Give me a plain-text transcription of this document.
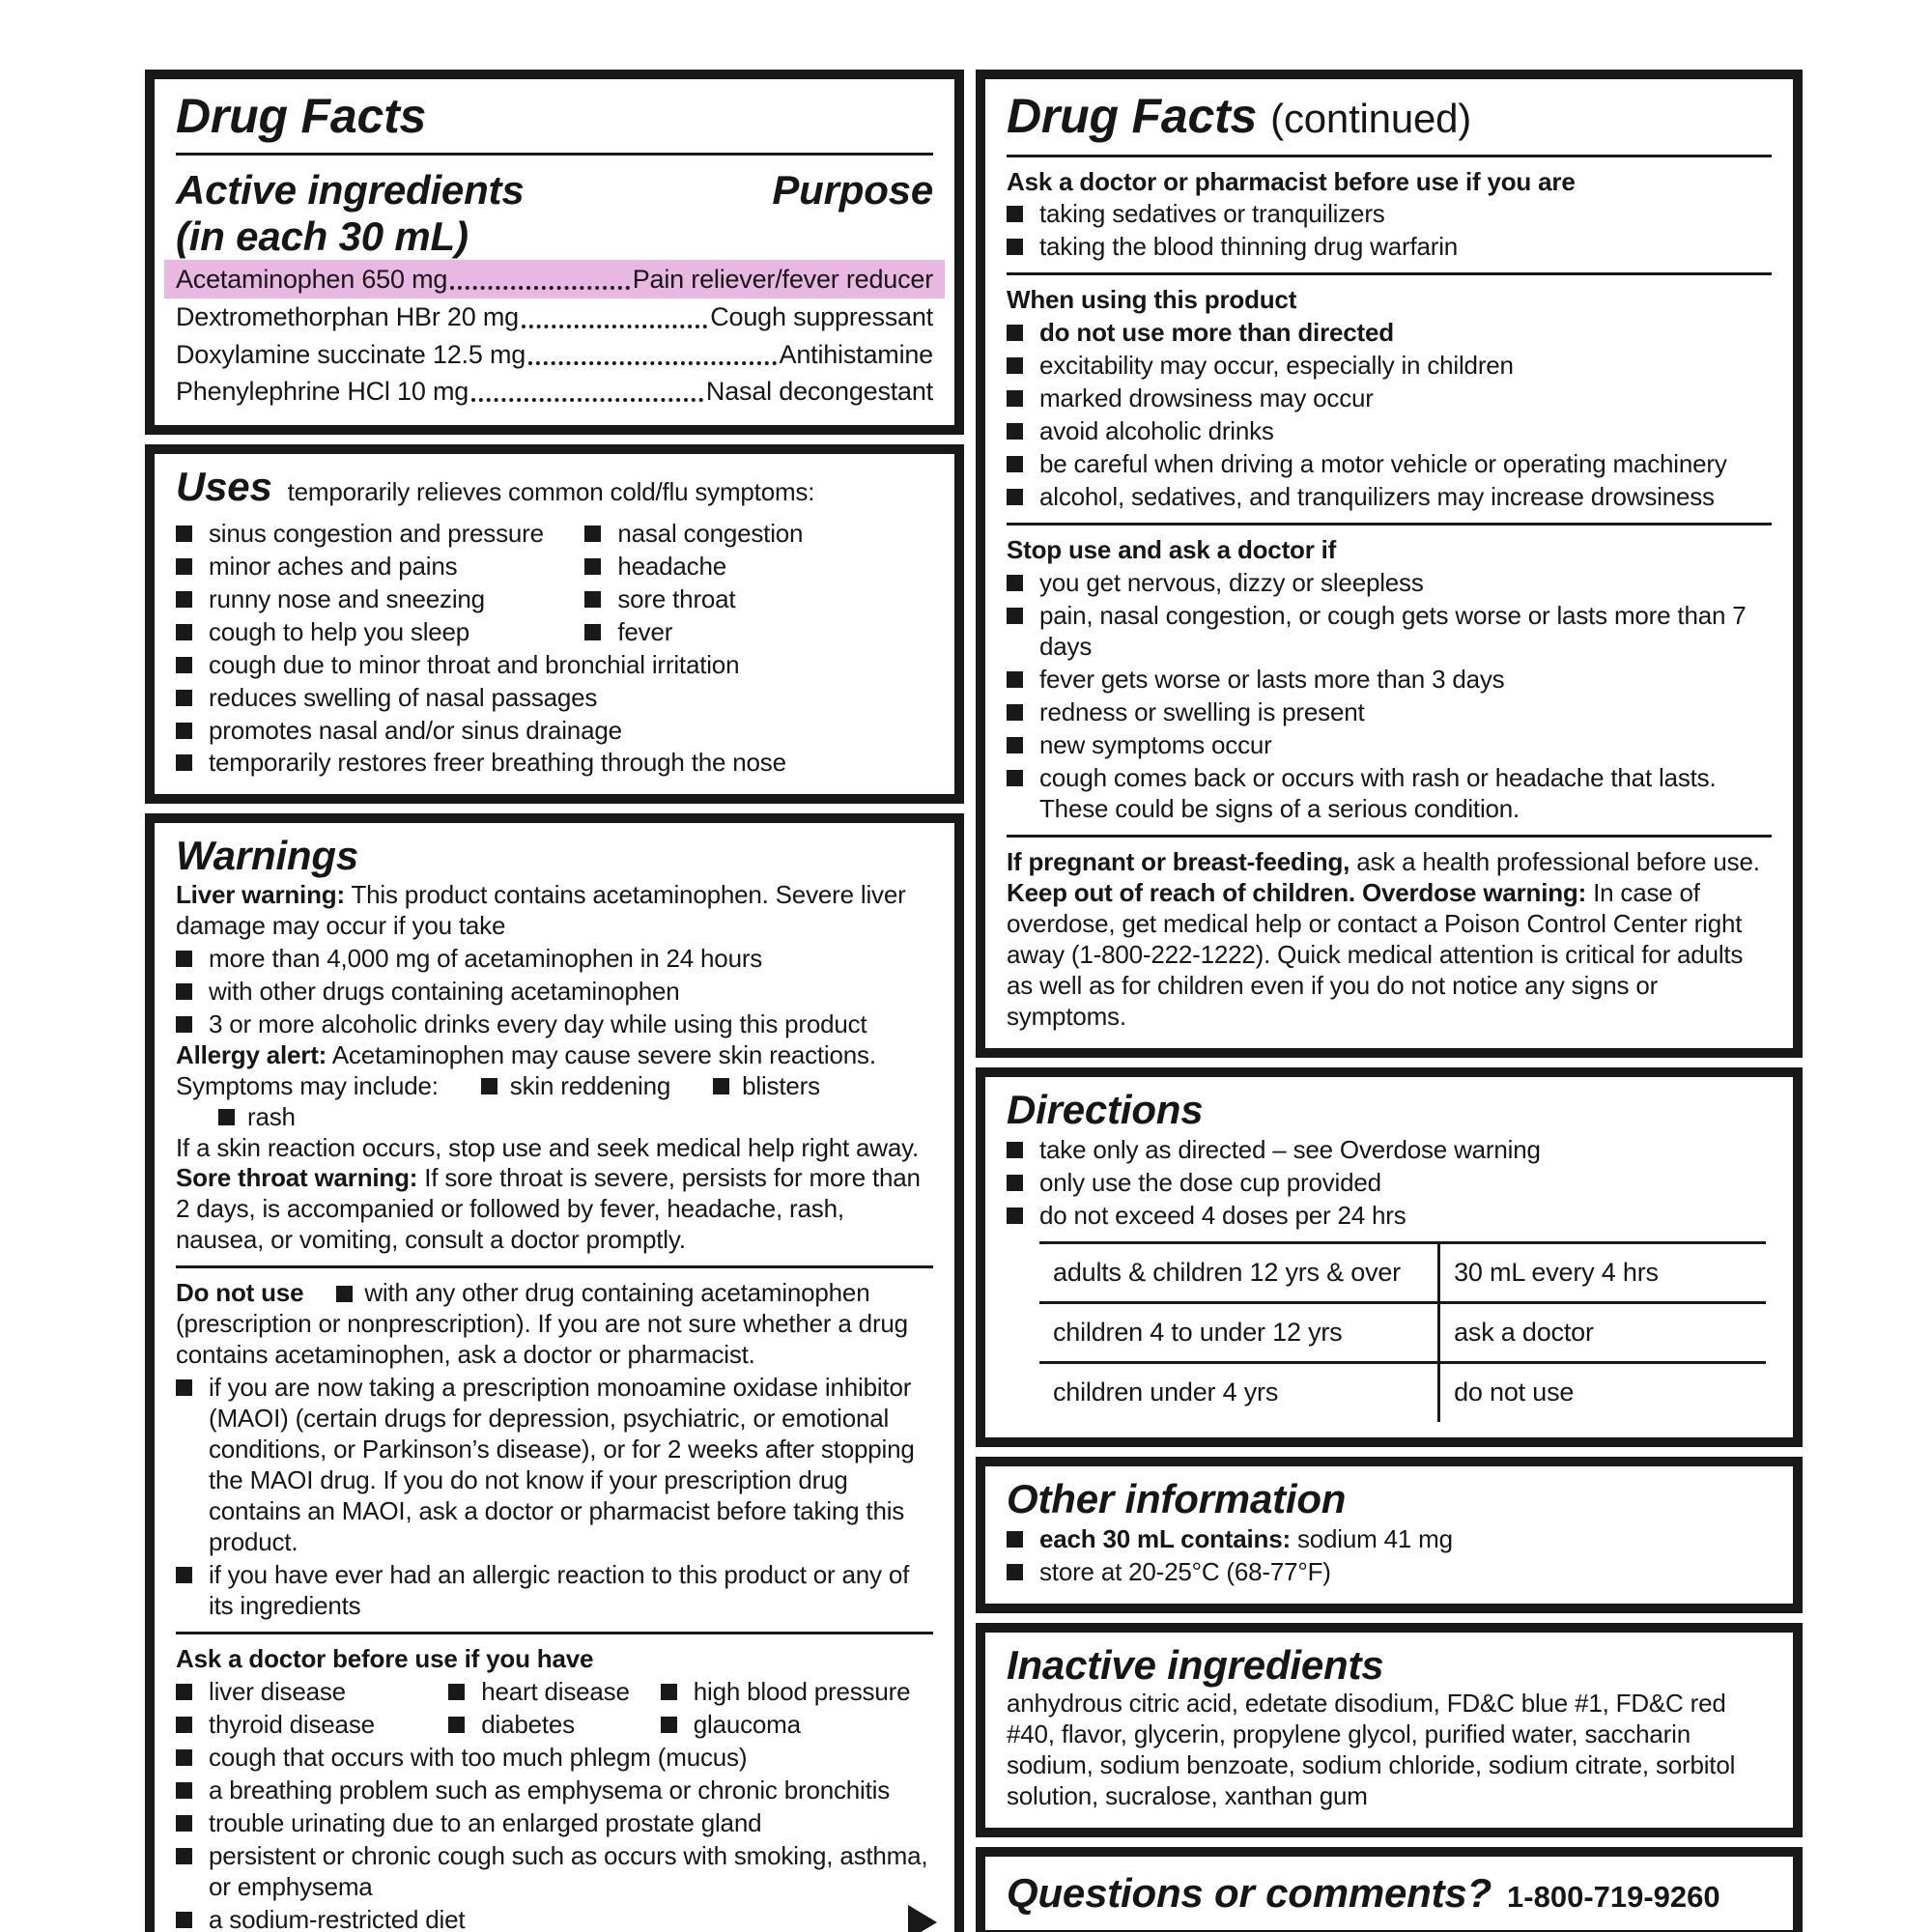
Drug Facts
Active ingredients
(in each 30 mL)
Purpose
Acetaminophen 650 mg	Pain reliever/fever reducer
Dextromethorphan HBr 20 mg	Cough suppressant
Doxylamine succinate 12.5 mg	Antihistamine
Phenylephrine HCl 10 mg	Nasal decongestant
Uses temporarily relieves common cold/flu symptoms:
sinus congestion and pressure	nasal congestion
minor aches and pains	headache
runny nose and sneezing	sore throat
cough to help you sleep	fever
cough due to minor throat and bronchial irritation
reduces swelling of nasal passages
promotes nasal and/or sinus drainage
temporarily restores freer breathing through the nose
Warnings

Liver warning: This product contains acetaminophen. Severe liver damage may occur if you take

more than 4,000 mg of acetaminophen in 24 hours
with other drugs containing acetaminophen
3 or more alcoholic drinks every day while using this product

Allergy alert: Acetaminophen may cause severe skin reactions.

Symptoms may include:	skin reddening	blisters
rash

If a skin reaction occurs, stop use and seek medical help right away.

Sore throat warning: If sore throat is severe, persists for more than 2 days, is accompanied or followed by fever, headache, rash, nausea, or vomiting, consult a doctor promptly.

Do not use with any other drug containing acetaminophen (prescription or nonprescription). If you are not sure whether a drug contains acetaminophen, ask a doctor or pharmacist.

if you are now taking a prescription monoamine oxidase inhibitor (MAOI) (certain drugs for depression, psychiatric, or emotional conditions, or Parkinson’s disease), or for 2 weeks after stopping the MAOI drug. If you do not know if your prescription drug contains an MAOI, ask a doctor or pharmacist before taking this product.
if you have ever had an allergic reaction to this product or any of its ingredients

Ask a doctor before use if you have

liver disease	heart disease	high blood pressure
thyroid disease	diabetes	glaucoma
cough that occurs with too much phlegm (mucus)
a breathing problem such as emphysema or chronic bronchitis
trouble urinating due to an enlarged prostate gland
persistent or chronic cough such as occurs with smoking, asthma, or emphysema
a sodium-restricted diet
Drug Facts (continued)

Ask a doctor or pharmacist before use if you are

taking sedatives or tranquilizers
taking the blood thinning drug warfarin

When using this product

do not use more than directed
excitability may occur, especially in children
marked drowsiness may occur
avoid alcoholic drinks
be careful when driving a motor vehicle or operating machinery
alcohol, sedatives, and tranquilizers may increase drowsiness

Stop use and ask a doctor if

you get nervous, dizzy or sleepless
pain, nasal congestion, or cough gets worse or lasts more than 7 days
fever gets worse or lasts more than 3 days
redness or swelling is present
new symptoms occur
cough comes back or occurs with rash or headache that lasts. These could be signs of a serious condition.

If pregnant or breast-feeding, ask a health professional before use.

Keep out of reach of children. Overdose warning: In case of overdose, get medical help or contact a Poison Control Center right away (1-800-222-1222). Quick medical attention is critical for adults as well as for children even if you do not notice any signs or symptoms.

Directions
take only as directed – see Overdose warning
only use the dose cup provided
do not exceed 4 doses per 24 hrs
adults & children 12 yrs & over	30 mL every 4 hrs
children 4 to under 12 yrs	ask a doctor
children under 4 yrs	do not use
Other information
each 30 mL contains: sodium 41 mg
store at 20-25°C (68-77°F)
Inactive ingredients

anhydrous citric acid, edetate disodium, FD&C blue #1, FD&C red #40, flavor, glycerin, propylene glycol, purified water, saccharin sodium, sodium benzoate, sodium chloride, sodium citrate, sorbitol solution, sucralose, xanthan gum

Questions or comments? 1-800-719-9260
